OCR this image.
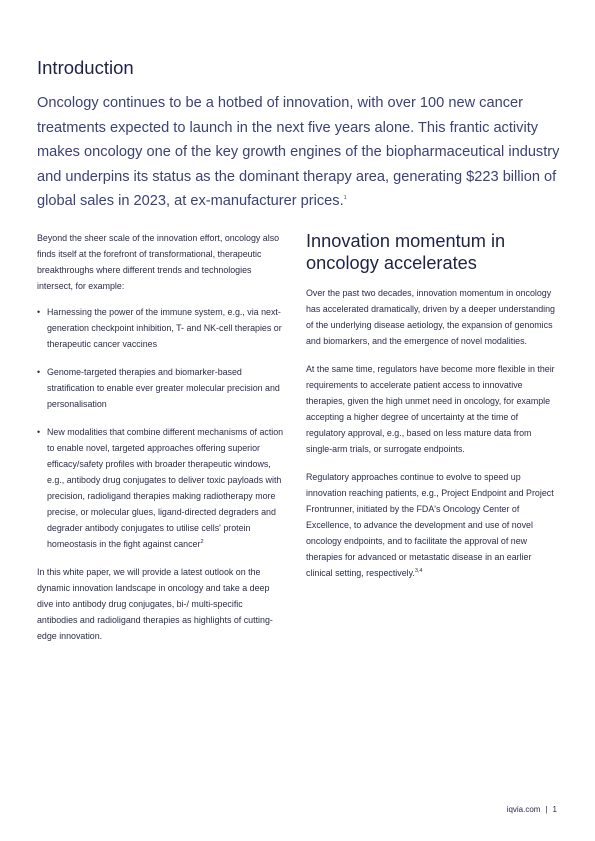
Introduction

Oncology continues to be a hotbed of innovation, with over 100 new cancer treatments expected to launch in the next five years alone. This frantic activity makes oncology one of the key growth engines of the biopharmaceutical industry and underpins its status as the dominant therapy area, generating $223 billion of global sales in 2023, at ex-manufacturer prices.$^1$

Beyond the sheer scale of the innovation effort, oncology also finds itself at the forefront of transformational, therapeutic breakthroughs where different trends and technologies intersect, for example:

• Harnessing the power of the immune system, e.g., via next-generation checkpoint inhibition, T- and NK-cell therapies or therapeutic cancer vaccines
• Genome-targeted therapies and biomarker-based stratification to enable ever greater molecular precision and personalisation
• New modalities that combine different mechanisms of action to enable novel, targeted approaches offering superior efficacy/safety profiles with broader therapeutic windows, e.g., antibody drug conjugates to deliver toxic payloads with precision, radioligand therapies making radiotherapy more precise, or molecular glues, ligand-directed degraders and degrader antibody conjugates to utilise cells' protein homeostasis in the fight against cancer$^2$

In this white paper, we will provide a latest outlook on the dynamic innovation landscape in oncology and take a deep dive into antibody drug conjugates, bi-/ multi-specific antibodies and radioligand therapies as highlights of cutting-edge innovation.

Innovation momentum in oncology accelerates

Over the past two decades, innovation momentum in oncology has accelerated dramatically, driven by a deeper understanding of the underlying disease aetiology, the expansion of genomics and biomarkers, and the emergence of novel modalities.

At the same time, regulators have become more flexible in their requirements to accelerate patient access to innovative therapies, given the high unmet need in oncology, for example accepting a higher degree of uncertainty at the time of regulatory approval, e.g., based on less mature data from single-arm trials, or surrogate endpoints.

Regulatory approaches continue to evolve to speed up innovation reaching patients, e.g., Project Endpoint and Project Frontrunner, initiated by the FDA's Oncology Center of Excellence, to advance the development and use of novel oncology endpoints, and to facilitate the approval of new therapies for advanced or metastatic disease in an earlier clinical setting, respectively.$^{3,4}$

iqvia.com | 1
